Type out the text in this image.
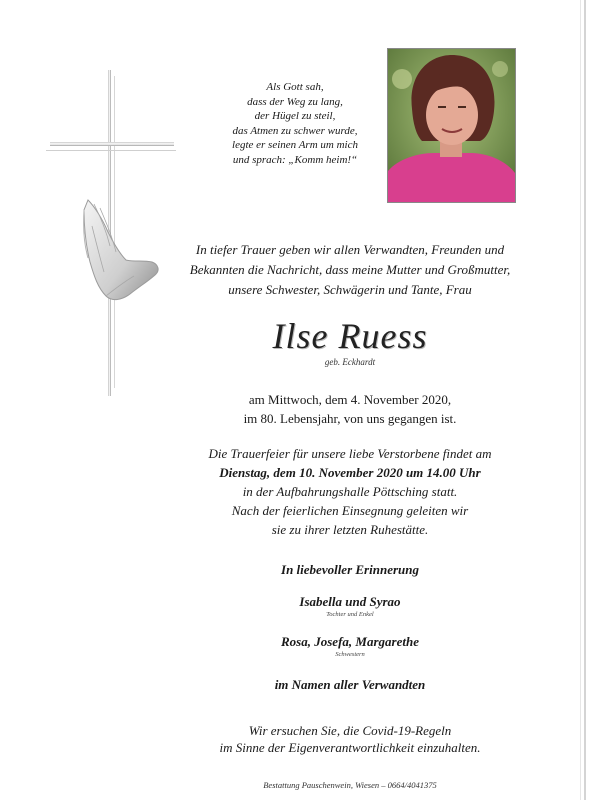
Als Gott sah,
dass der Weg zu lang,
der Hügel zu steil,
das Atmen zu schwer wurde,
legte er seinen Arm um mich
und sprach: „Komm heim!“
In tiefer Trauer geben wir allen Verwandten, Freunden und
Bekannten die Nachricht, dass meine Mutter und Großmutter,
unsere Schwester, Schwägerin und Tante, Frau
Ilse Ruess
geb. Eckhardt
am Mittwoch, dem 4. November 2020,
im 80. Lebensjahr, von uns gegangen ist.
Die Trauerfeier für unsere liebe Verstorbene findet am
Dienstag, dem 10. November 2020 um 14.00 Uhr
in der Aufbahrungshalle Pöttsching statt.
Nach der feierlichen Einsegnung geleiten wir
sie zu ihrer letzten Ruhestätte.
In liebevoller Erinnerung
Isabella und Syrao
Tochter und Enkel
Rosa, Josefa, Margarethe
Schwestern
im Namen aller Verwandten
Wir ersuchen Sie, die Covid-19-Regeln
im Sinne der Eigenverantwortlichkeit einzuhalten.
Bestattung Pauschenwein, Wiesen – 0664/4041375
